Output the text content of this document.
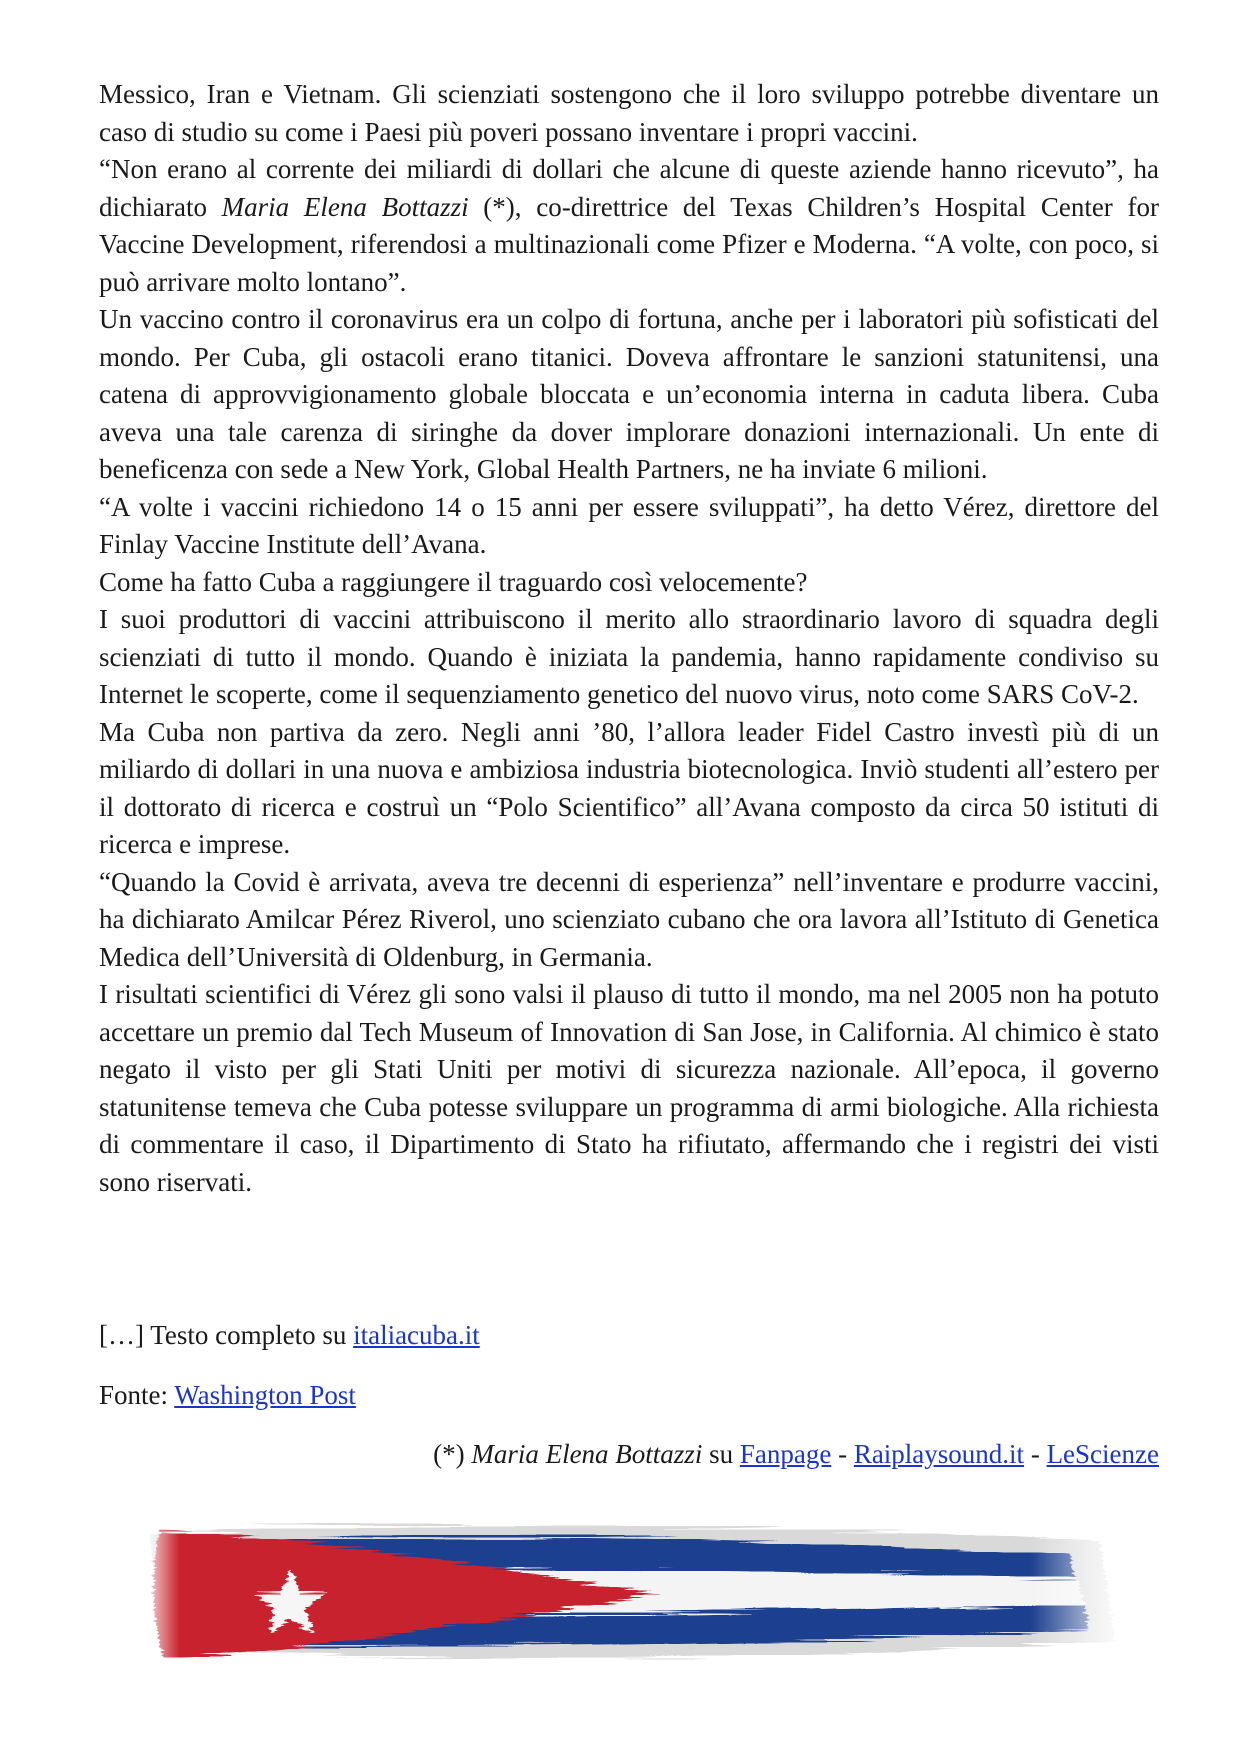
Messico, Iran e Vietnam. Gli scienziati sostengono che il loro sviluppo potrebbe diventare un caso di studio su come i Paesi più poveri possano inventare i propri vaccini.

“Non erano al corrente dei miliardi di dollari che alcune di queste aziende hanno ricevuto”, ha dichiarato Maria Elena Bottazzi (*), co-direttrice del Texas Children’s Hospital Center for Vaccine Development, riferendosi a multinazionali come Pfizer e Moderna. “A volte, con poco, si può arrivare molto lontano”.

Un vaccino contro il coronavirus era un colpo di fortuna, anche per i laboratori più sofisticati del mondo. Per Cuba, gli ostacoli erano titanici. Doveva affrontare le sanzioni statunitensi, una catena di approvvigionamento globale bloccata e un’economia interna in caduta libera. Cuba aveva una tale carenza di siringhe da dover implorare donazioni internazionali. Un ente di beneficenza con sede a New York, Global Health Partners, ne ha inviate 6 milioni.

“A volte i vaccini richiedono 14 o 15 anni per essere sviluppati”, ha detto Vérez, direttore del Finlay Vaccine Institute dell’Avana.

Come ha fatto Cuba a raggiungere il traguardo così velocemente?

I suoi produttori di vaccini attribuiscono il merito allo straordinario lavoro di squadra degli scienziati di tutto il mondo. Quando è iniziata la pandemia, hanno rapidamente condiviso su Internet le scoperte, come il sequenziamento genetico del nuovo virus, noto come SARS CoV-2.

Ma Cuba non partiva da zero. Negli anni ’80, l’allora leader Fidel Castro investì più di un miliardo di dollari in una nuova e ambiziosa industria biotecnologica. Inviò studenti all’estero per il dottorato di ricerca e costruì un “Polo Scientifico” all’Avana composto da circa 50 istituti di ricerca e imprese.

“Quando la Covid è arrivata, aveva tre decenni di esperienza” nell’inventare e produrre vaccini, ha dichiarato Amilcar Pérez Riverol, uno scienziato cubano che ora lavora all’Istituto di Genetica Medica dell’Università di Oldenburg, in Germania.

I risultati scientifici di Vérez gli sono valsi il plauso di tutto il mondo, ma nel 2005 non ha potuto accettare un premio dal Tech Museum of Innovation di San Jose, in California. Al chimico è stato negato il visto per gli Stati Uniti per motivi di sicurezza nazionale. All’epoca, il governo statunitense temeva che Cuba potesse sviluppare un programma di armi biologiche. Alla richiesta di commentare il caso, il Dipartimento di Stato ha rifiutato, affermando che i registri dei visti sono riservati.

[…] Testo completo su italiacuba.it
Fonte: Washington Post
(*) Maria Elena Bottazzi su Fanpage - Raiplaysound.it - LeScienze
